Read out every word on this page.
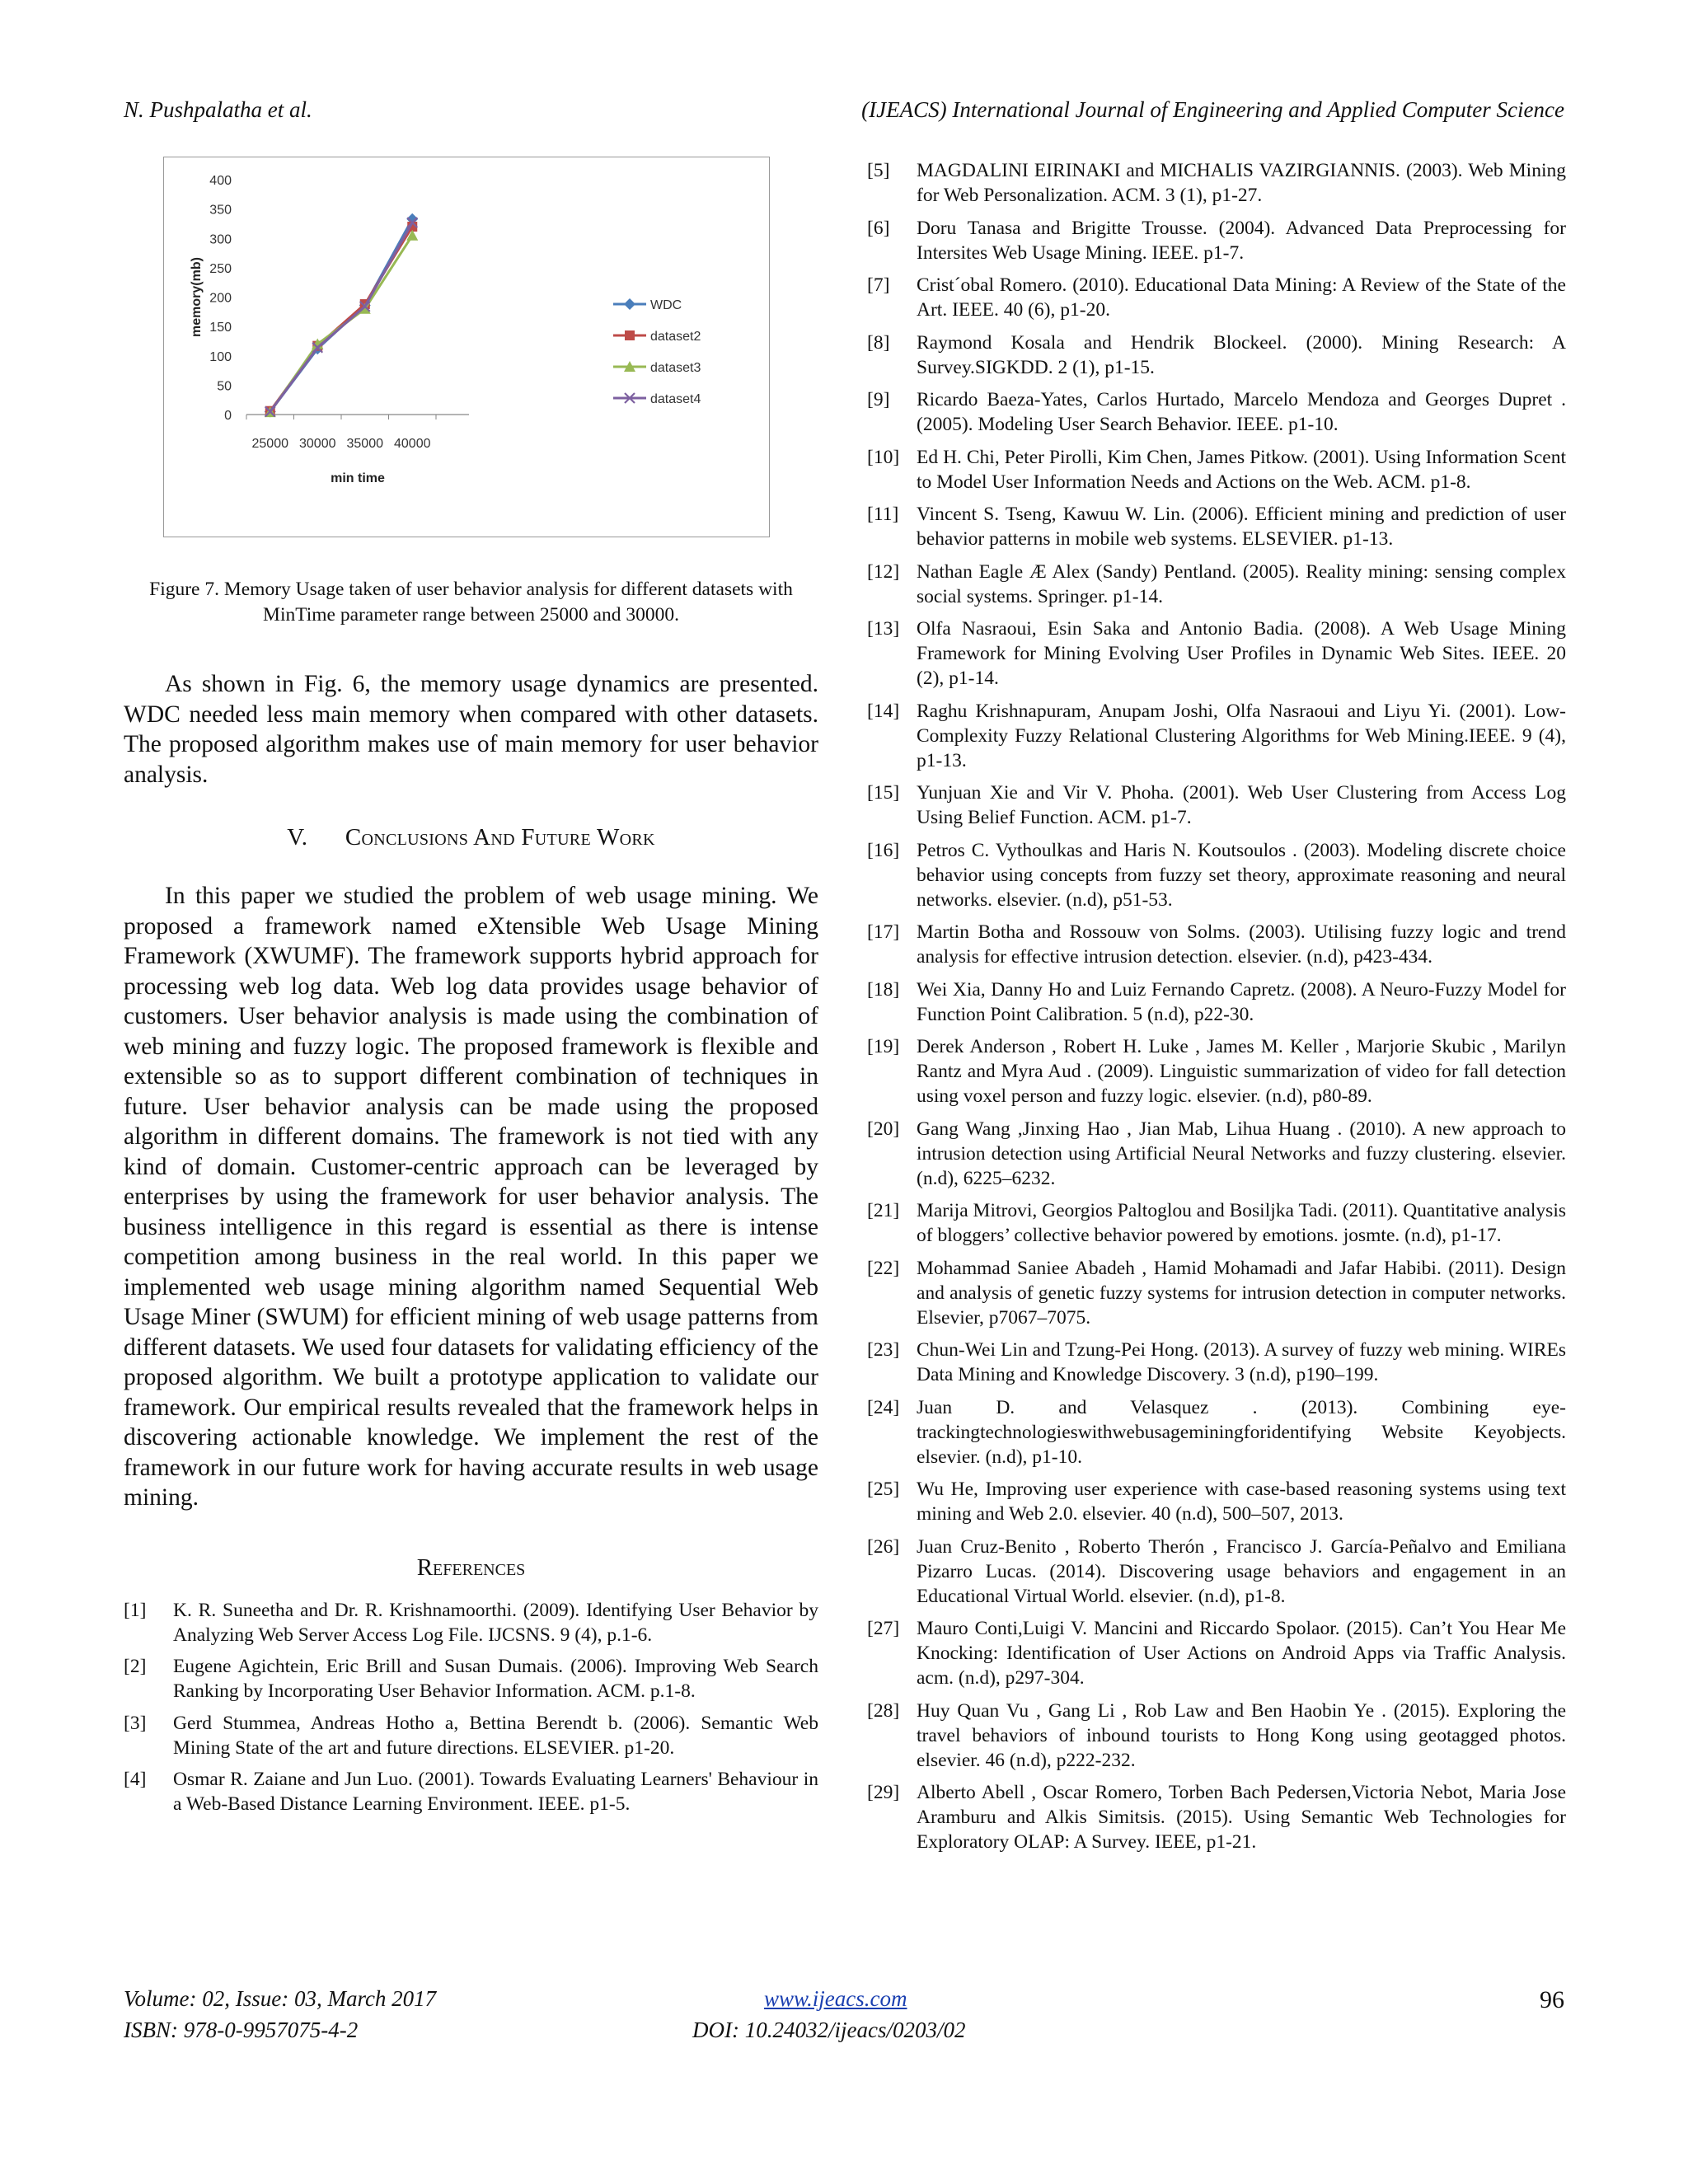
N. Pushpalatha et al.	(IJEACS) International Journal of Engineering and Applied Computer Science
0
50
100
150
200
250
300
350
400
25000 30000 35000 40000
min time
memory(mb)	WDC
dataset2
dataset3
dataset4
Figure 7. Memory Usage taken of user behavior analysis for different datasets with MinTime parameter range between 25000 and 30000.

As shown in Fig. 6, the memory usage dynamics are presented. WDC needed less main memory when compared with other datasets. The proposed algorithm makes use of main memory for user behavior analysis.

V. Conclusions And Future Work

In this paper we studied the problem of web usage mining. We proposed a framework named eXtensible Web Usage Mining Framework (XWUMF). The framework supports hybrid approach for processing web log data. Web log data provides usage behavior of customers. User behavior analysis is made using the combination of web mining and fuzzy logic. The proposed framework is flexible and extensible so as to support different combination of techniques in future. User behavior analysis can be made using the proposed algorithm in different domains. The framework is not tied with any kind of domain. Customer-centric approach can be leveraged by enterprises by using the framework for user behavior analysis. The business intelligence in this regard is essential as there is intense competition among business in the real world. In this paper we implemented web usage mining algorithm named Sequential Web Usage Miner (SWUM) for efficient mining of web usage patterns from different datasets. We used four datasets for validating efficiency of the proposed algorithm. We built a prototype application to validate our framework. Our empirical results revealed that the framework helps in discovering actionable knowledge. We implement the rest of the framework in our future work for having accurate results in web usage mining.

References
[1]	K. R. Suneetha and Dr. R. Krishnamoorthi. (2009). Identifying User Behavior by Analyzing Web Server Access Log File. IJCSNS. 9 (4), p.1-6.
[2]	Eugene Agichtein, Eric Brill and Susan Dumais. (2006). Improving Web Search Ranking by Incorporating User Behavior Information. ACM. p.1-8.
[3]	Gerd Stummea, Andreas Hotho a, Bettina Berendt b. (2006). Semantic Web Mining State of the art and future directions. ELSEVIER. p1-20.
[4]	Osmar R. Zaiane and Jun Luo. (2001). Towards Evaluating Learners' Behaviour in a Web-Based Distance Learning Environment. IEEE. p1-5.
[5]	MAGDALINI EIRINAKI and MICHALIS VAZIRGIANNIS. (2003). Web Mining for Web Personalization. ACM. 3 (1), p1-27.
[6]	Doru Tanasa and Brigitte Trousse. (2004). Advanced Data Preprocessing for Intersites Web Usage Mining. IEEE. p1-7.
[7]	Crist´obal Romero. (2010). Educational Data Mining: A Review of the State of the Art. IEEE. 40 (6), p1-20.
[8]	Raymond Kosala and Hendrik Blockeel. (2000). Mining Research: A Survey.SIGKDD. 2 (1), p1-15.
[9]	Ricardo Baeza-Yates, Carlos Hurtado, Marcelo Mendoza and Georges Dupret . (2005). Modeling User Search Behavior. IEEE. p1-10.
[10] Ed H. Chi, Peter Pirolli, Kim Chen, James Pitkow. (2001). Using Information Scent to Model User Information Needs and Actions on the Web. ACM. p1-8.
[11] Vincent S. Tseng, Kawuu W. Lin. (2006). Efficient mining and prediction of user behavior patterns in mobile web systems. ELSEVIER. p1-13.
[12] Nathan Eagle Æ Alex (Sandy) Pentland. (2005). Reality mining: sensing complex social systems. Springer. p1-14.
[13] Olfa Nasraoui, Esin Saka and Antonio Badia. (2008). A Web Usage Mining Framework for Mining Evolving User Profiles in Dynamic Web Sites. IEEE. 20 (2), p1-14.
[14] Raghu Krishnapuram, Anupam Joshi, Olfa Nasraoui and Liyu Yi. (2001). Low-Complexity Fuzzy Relational Clustering Algorithms for Web Mining.IEEE. 9 (4), p1-13.
[15] Yunjuan Xie and Vir V. Phoha. (2001). Web User Clustering from Access Log Using Belief Function. ACM. p1-7.
[16] Petros C. Vythoulkas and Haris N. Koutsoulos . (2003). Modeling discrete choice behavior using concepts from fuzzy set theory, approximate reasoning and neural networks. elsevier. (n.d), p51-53.
[17] Martin Botha and Rossouw von Solms. (2003). Utilising fuzzy logic and trend analysis for effective intrusion detection. elsevier. (n.d), p423-434.
[18] Wei Xia, Danny Ho and Luiz Fernando Capretz. (2008). A Neuro-Fuzzy Model for Function Point Calibration. 5 (n.d), p22-30.
[19] Derek Anderson , Robert H. Luke , James M. Keller , Marjorie Skubic , Marilyn Rantz and Myra Aud . (2009). Linguistic summarization of video for fall detection using voxel person and fuzzy logic. elsevier. (n.d), p80-89.
[20] Gang Wang ,Jinxing Hao , Jian Mab, Lihua Huang . (2010). A new approach to intrusion detection using Artificial Neural Networks and fuzzy clustering. elsevier. (n.d), 6225–6232.
[21] Marija Mitrovi, Georgios Paltoglou and Bosiljka Tadi. (2011). Quantitative analysis of bloggers’ collective behavior powered by emotions. josmte. (n.d), p1-17.
[22] Mohammad Saniee Abadeh , Hamid Mohamadi and Jafar Habibi. (2011). Design and analysis of genetic fuzzy systems for intrusion detection in computer networks. Elsevier, p7067–7075.
[23] Chun-Wei Lin and Tzung-Pei Hong. (2013). A survey of fuzzy web mining. WIREs Data Mining and Knowledge Discovery. 3 (n.d), p190–199.
[24] Juan D. and Velasquez . (2013). Combining eye-trackingtechnologieswithwebusageminingforidentifying Website Keyobjects. elsevier. (n.d), p1-10.
[25] Wu He, Improving user experience with case-based reasoning systems using text mining and Web 2.0. elsevier. 40 (n.d), 500–507, 2013.
[26] Juan Cruz-Benito , Roberto Therón , Francisco J. García-Peñalvo and Emiliana Pizarro Lucas. (2014). Discovering usage behaviors and engagement in an Educational Virtual World. elsevier. (n.d), p1-8.
[27] Mauro Conti,Luigi V. Mancini and Riccardo Spolaor. (2015). Can’t You Hear Me Knocking: Identification of User Actions on Android Apps via Traffic Analysis. acm. (n.d), p297-304.
[28] Huy Quan Vu , Gang Li , Rob Law and Ben Haobin Ye . (2015). Exploring the travel behaviors of inbound tourists to Hong Kong using geotagged photos. elsevier. 46 (n.d), p222-232.
[29] Alberto Abell , Oscar Romero, Torben Bach Pedersen,Victoria Nebot, Maria Jose Aramburu and Alkis Simitsis. (2015). Using Semantic Web Technologies for Exploratory OLAP: A Survey. IEEE, p1-21.
Volume: 02, Issue: 03, March 2017
ISBN: 978-0-9957075-4-2
www.ijeacs.com
DOI: 10.24032/ijeacs/0203/02
96
